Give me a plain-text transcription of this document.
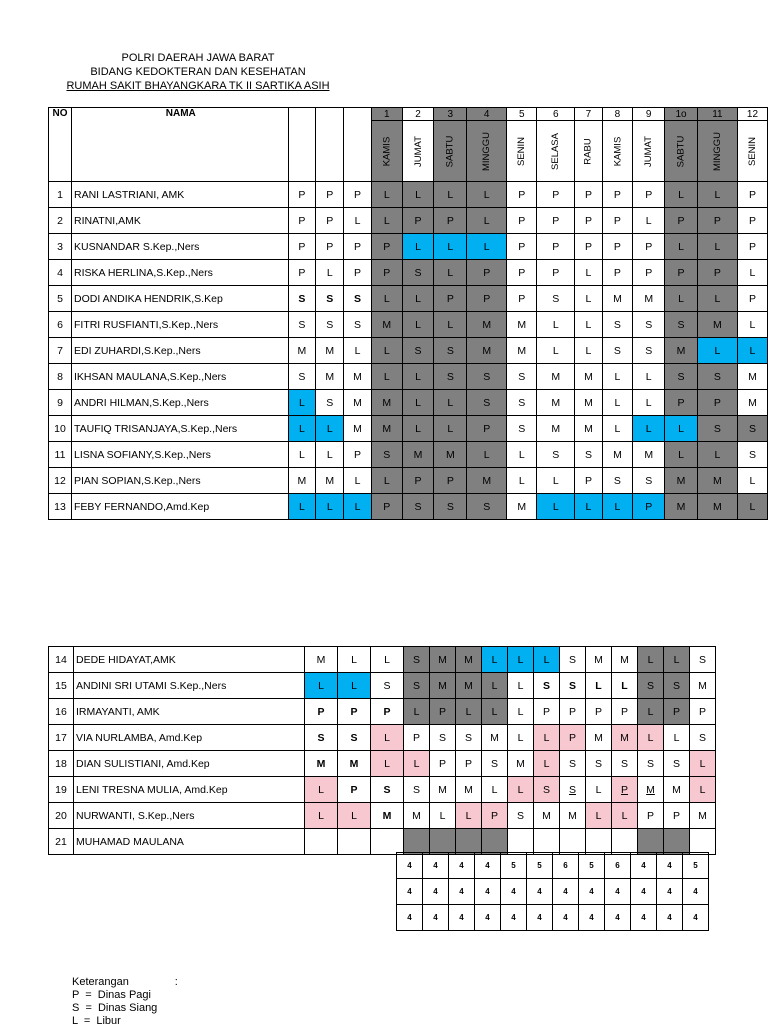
POLRI DAERAH JAWA BARAT
BIDANG KEDOKTERAN DAN KESEHATAN
RUMAH SAKIT BHAYANGKARA TK II SARTIKA ASIH
NO	NAMA				1	2	3	4	5	6	7	8	9	1o	11	12
					KAMIS	JUMAT	SABTU	MINGGU	SENIN	SELASA	RABU	KAMIS	JUMAT	SABTU	MINGGU	SENIN
1	RANI LASTRIANI, AMK	P	P	P	L	L	L	L	P	P	P	P	P	L	L	P
2	RINATNI,AMK	P	P	L	L	P	P	L	P	P	P	P	L	P	P	P
3	KUSNANDAR S.Kep.,Ners	P	P	P	P	L	L	L	P	P	P	P	P	L	L	P
4	RISKA HERLINA,S.Kep.,Ners	P	L	P	P	S	L	P	P	P	L	P	P	P	P	L
5	DODI ANDIKA HENDRIK,S.Kep	S	S	S	L	L	P	P	P	S	L	M	M	L	L	P
6	FITRI RUSFIANTI,S.Kep.,Ners	S	S	S	M	L	L	M	M	L	L	S	S	S	M	L
7	EDI ZUHARDI,S.Kep.,Ners	M	M	L	L	S	S	M	M	L	L	S	S	M	L	L
8	IKHSAN MAULANA,S.Kep.,Ners	S	M	M	L	L	S	S	S	M	M	L	L	S	S	M
9	ANDRI HILMAN,S.Kep.,Ners	L	S	M	M	L	L	S	S	M	M	L	L	P	P	M
10	TAUFIQ TRISANJAYA,S.Kep.,Ners	L	L	M	M	L	L	P	S	M	M	L	L	L	S	S
11	LISNA SOFIANY,S.Kep.,Ners	L	L	P	S	M	M	L	L	S	S	M	M	L	L	S
12	PIAN SOPIAN,S.Kep.,Ners	M	M	L	L	P	P	M	L	L	P	S	S	M	M	L
13	FEBY FERNANDO,Amd.Kep	L	L	L	P	S	S	S	M	L	L	L	P	M	M	L
14	DEDE HIDAYAT,AMK	M	L	L	S	M	M	L	L	L	S	M	M	L	L	S
15	ANDINI SRI UTAMI S.Kep.,Ners	L	L	S	S	M	M	L	L	S	S	L	L	S	S	M
16	IRMAYANTI, AMK	P	P	P	L	P	L	L	L	P	P	P	P	L	P	P
17	VIA NURLAMBA, Amd.Kep	S	S	L	P	S	S	M	L	L	P	M	M	L	L	S
18	DIAN SULISTIANI, Amd.Kep	M	M	L	L	P	P	S	M	L	S	S	S	S	S	L
19	LENI TRESNA MULIA, Amd.Kep	L	P	S	S	M	M	L	L	S	S	L	P	M	M	L
20	NURWANTI, S.Kep.,Ners	L	L	M	M	L	L	P	S	M	M	L	L	P	P	M
21	MUHAMAD MAULANA															
4	4	4	4	5	5	6	5	6	4	4	5
4	4	4	4	4	4	4	4	4	4	4	4
4	4	4	4	4	4	4	4	4	4	4	4
Keterangan	:
P  =  Dinas Pagi
S  =  Dinas Siang
L  =  Libur
